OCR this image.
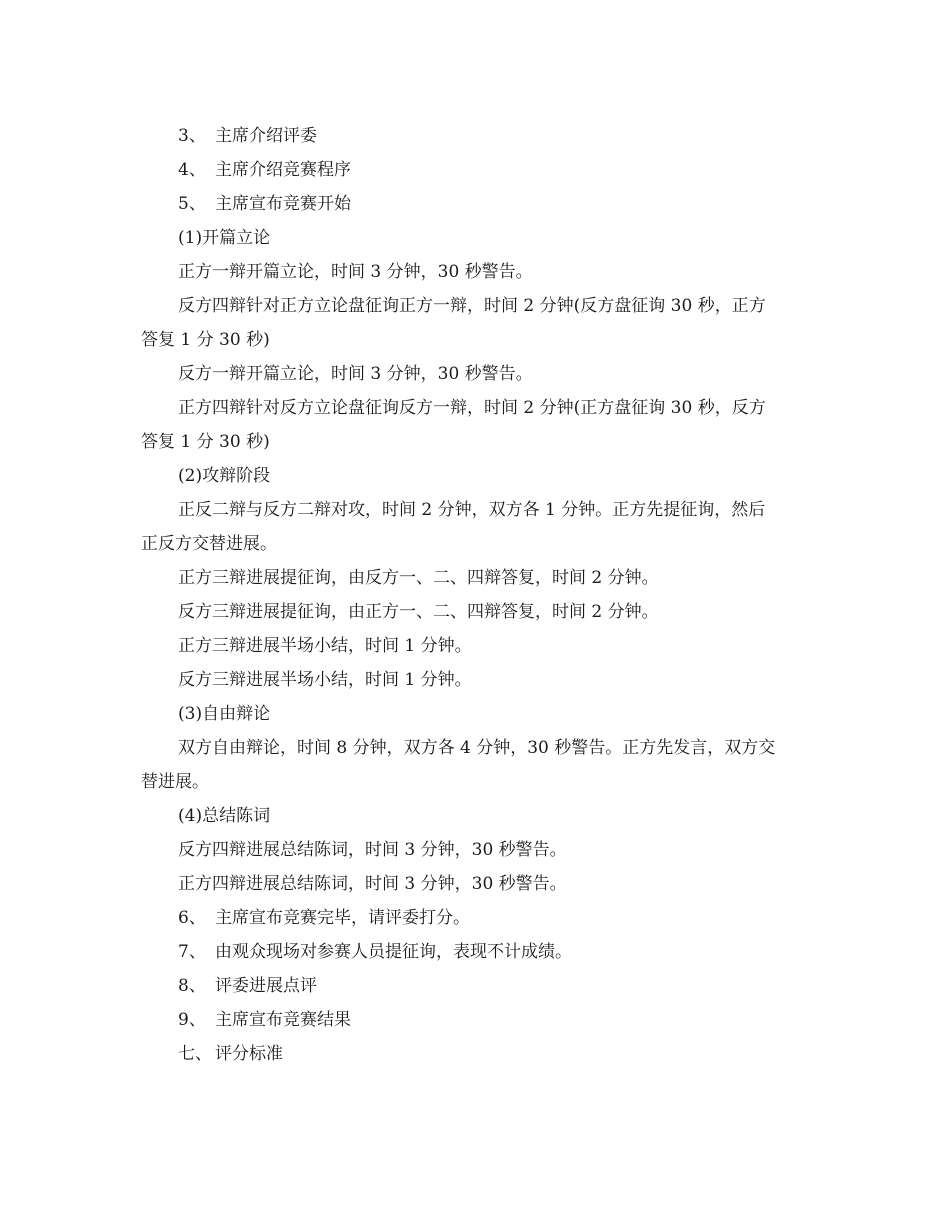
3、 主席介绍评委
4、 主席介绍竞赛程序
5、 主席宣布竞赛开始
(1)开篇立论
正方一辩开篇立论，时间 3 分钟，30 秒警告。
反方四辩针对正方立论盘征询正方一辩，时间 2 分钟(反方盘征询 30 秒，正方
答复 1 分 30 秒)
反方一辩开篇立论，时间 3 分钟，30 秒警告。
正方四辩针对反方立论盘征询反方一辩，时间 2 分钟(正方盘征询 30 秒，反方
答复 1 分 30 秒)
(2)攻辩阶段
正反二辩与反方二辩对攻，时间 2 分钟，双方各 1 分钟。正方先提征询，然后
正反方交替进展。
正方三辩进展提征询，由反方一、二、四辩答复，时间 2 分钟。
反方三辩进展提征询，由正方一、二、四辩答复，时间 2 分钟。
正方三辩进展半场小结，时间 1 分钟。
反方三辩进展半场小结，时间 1 分钟。
(3)自由辩论
双方自由辩论，时间 8 分钟，双方各 4 分钟，30 秒警告。正方先发言，双方交
替进展。
(4)总结陈词
反方四辩进展总结陈词，时间 3 分钟，30 秒警告。
正方四辩进展总结陈词，时间 3 分钟，30 秒警告。
6、 主席宣布竞赛完毕，请评委打分。
7、 由观众现场对参赛人员提征询，表现不计成绩。
8、 评委进展点评
9、 主席宣布竞赛结果
七、 评分标准
